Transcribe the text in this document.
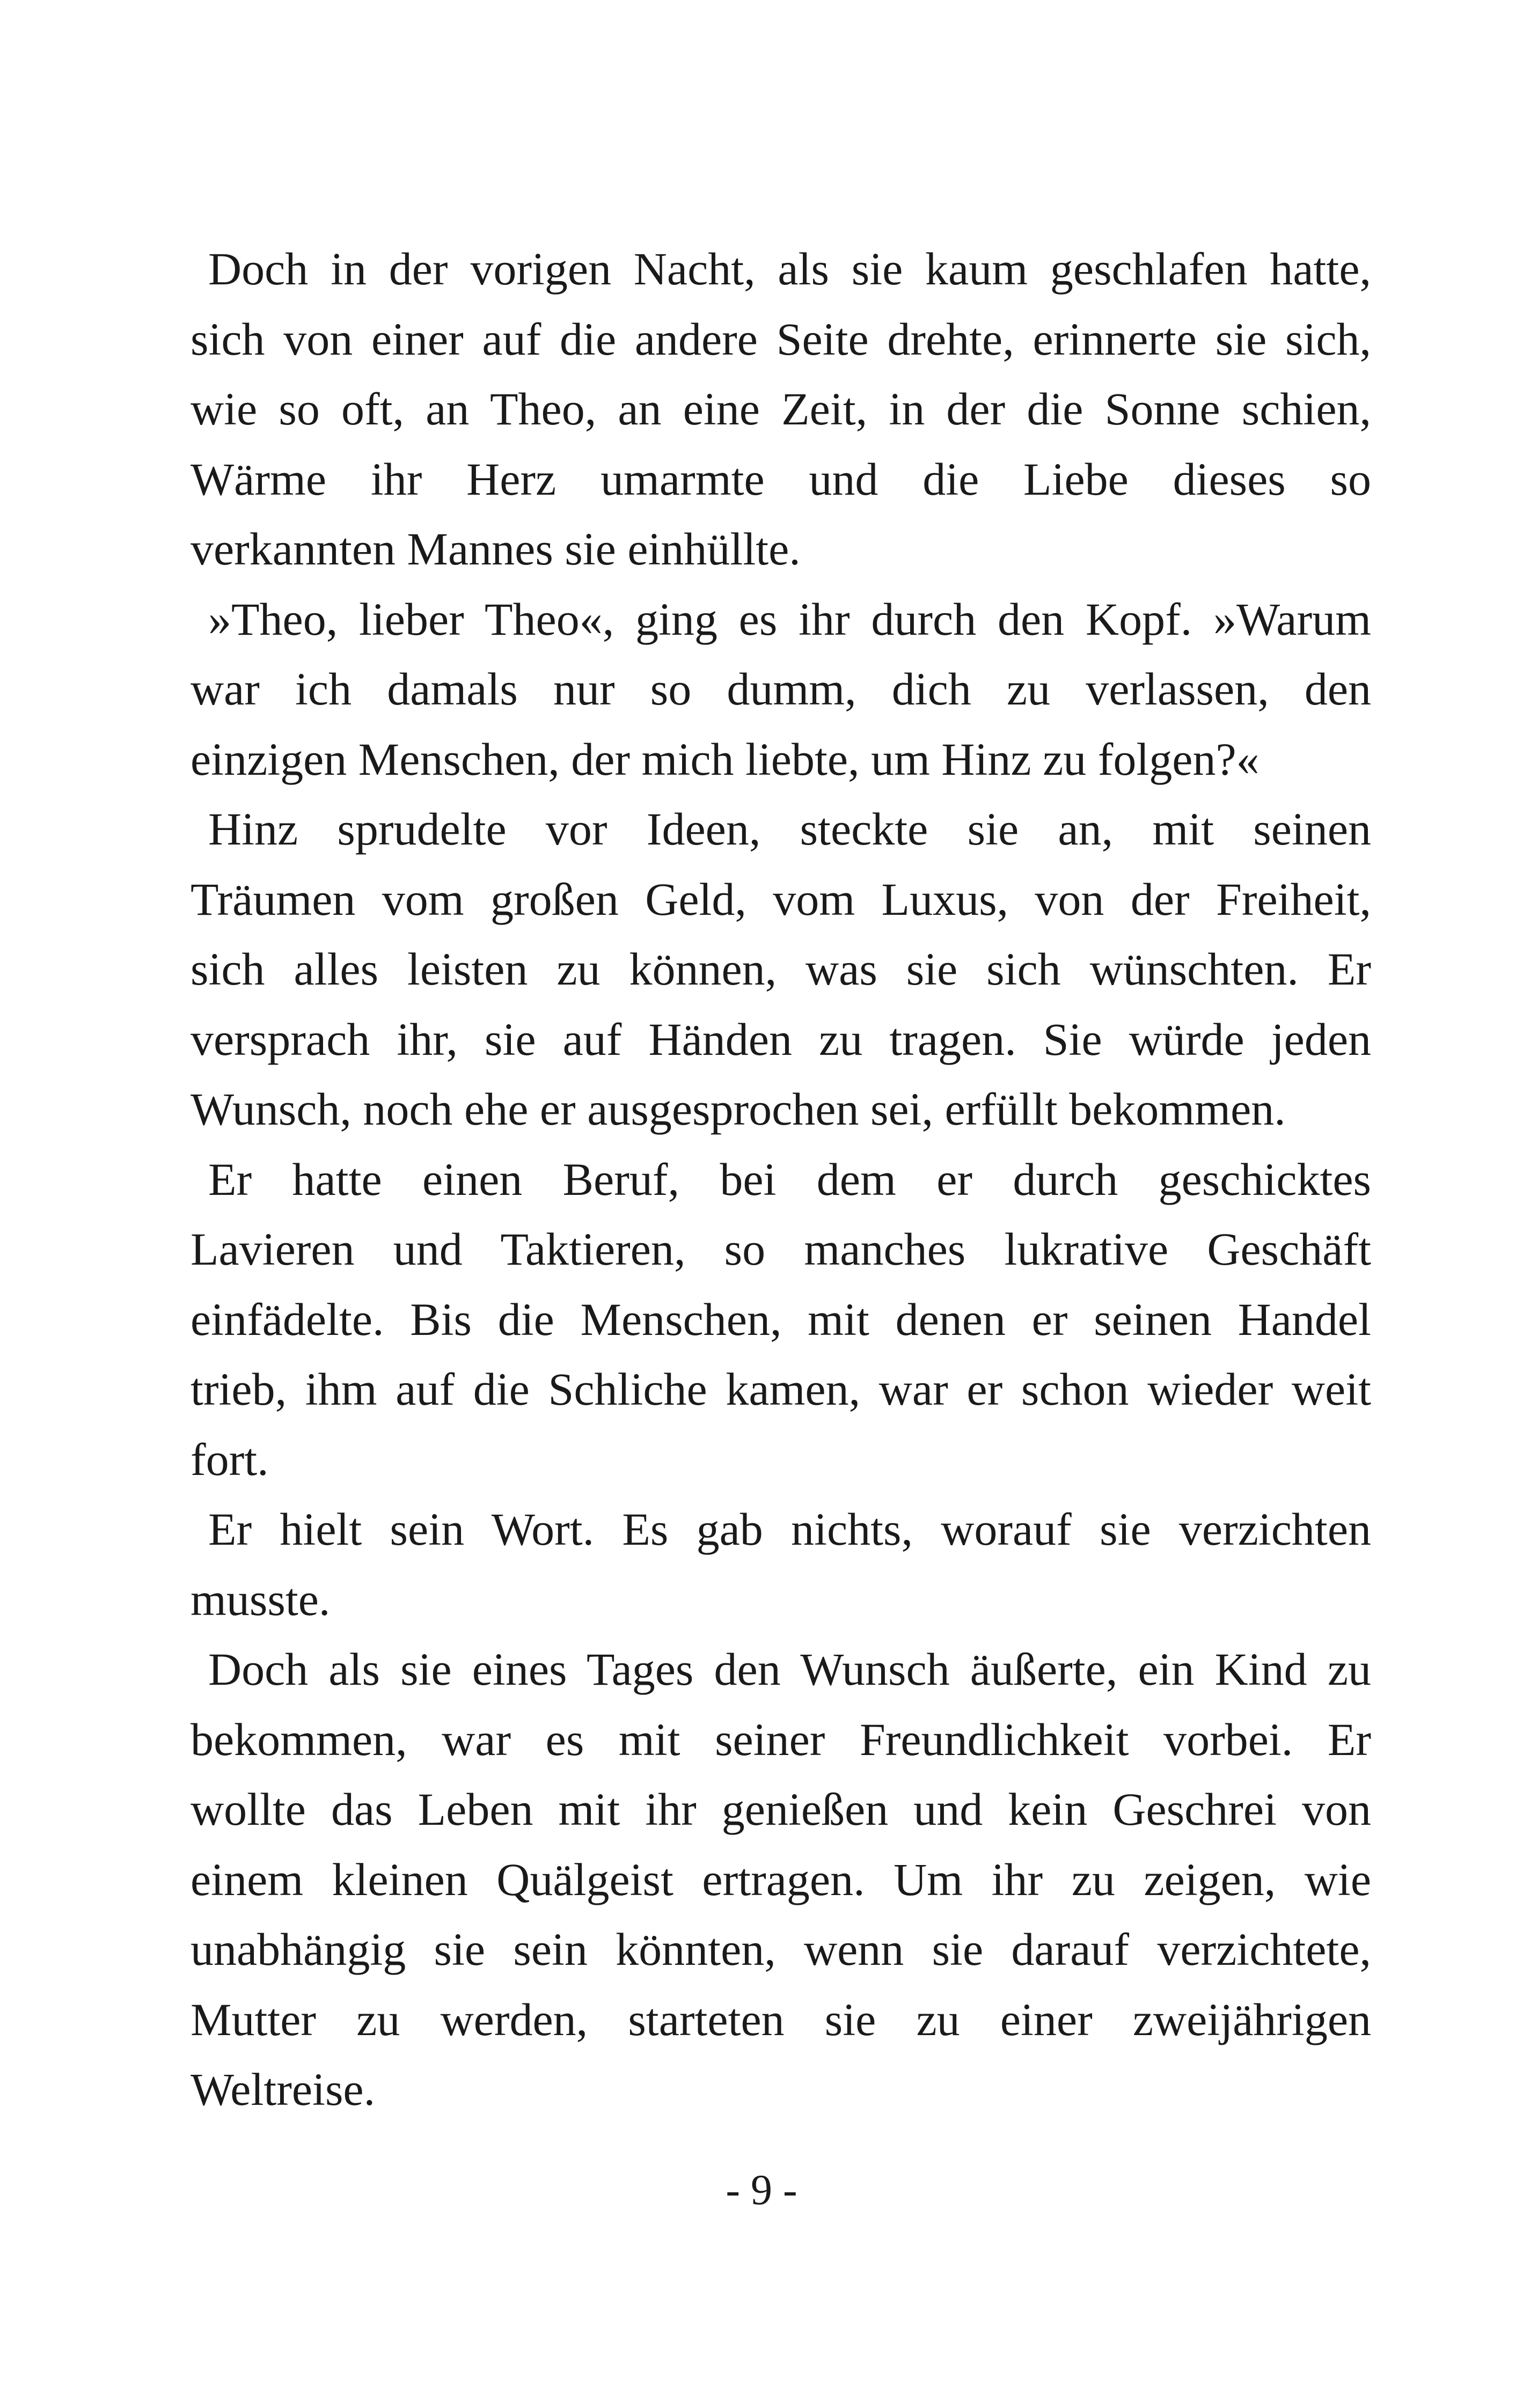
Doch in der vorigen Nacht, als sie kaum geschlafen hatte,
sich von einer auf die andere Seite drehte, erinnerte sie sich,
wie so oft, an Theo, an eine Zeit, in der die Sonne schien,
Wärme ihr Herz umarmte und die Liebe dieses so
verkannten Mannes sie einhüllte.
»Theo, lieber Theo«, ging es ihr durch den Kopf. »Warum
war ich damals nur so dumm, dich zu verlassen, den
einzigen Menschen, der mich liebte, um Hinz zu folgen?«
Hinz sprudelte vor Ideen, steckte sie an, mit seinen
Träumen vom großen Geld, vom Luxus, von der Freiheit,
sich alles leisten zu können, was sie sich wünschten. Er
versprach ihr, sie auf Händen zu tragen. Sie würde jeden
Wunsch, noch ehe er ausgesprochen sei, erfüllt bekommen.
Er hatte einen Beruf, bei dem er durch geschicktes
Lavieren und Taktieren, so manches lukrative Geschäft
einfädelte. Bis die Menschen, mit denen er seinen Handel
trieb, ihm auf die Schliche kamen, war er schon wieder weit
fort.
Er hielt sein Wort. Es gab nichts, worauf sie verzichten
musste.
Doch als sie eines Tages den Wunsch äußerte, ein Kind zu
bekommen, war es mit seiner Freundlichkeit vorbei. Er
wollte das Leben mit ihr genießen und kein Geschrei von
einem kleinen Quälgeist ertragen. Um ihr zu zeigen, wie
unabhängig sie sein könnten, wenn sie darauf verzichtete,
Mutter zu werden, starteten sie zu einer zweijährigen
Weltreise.
- 9 -
